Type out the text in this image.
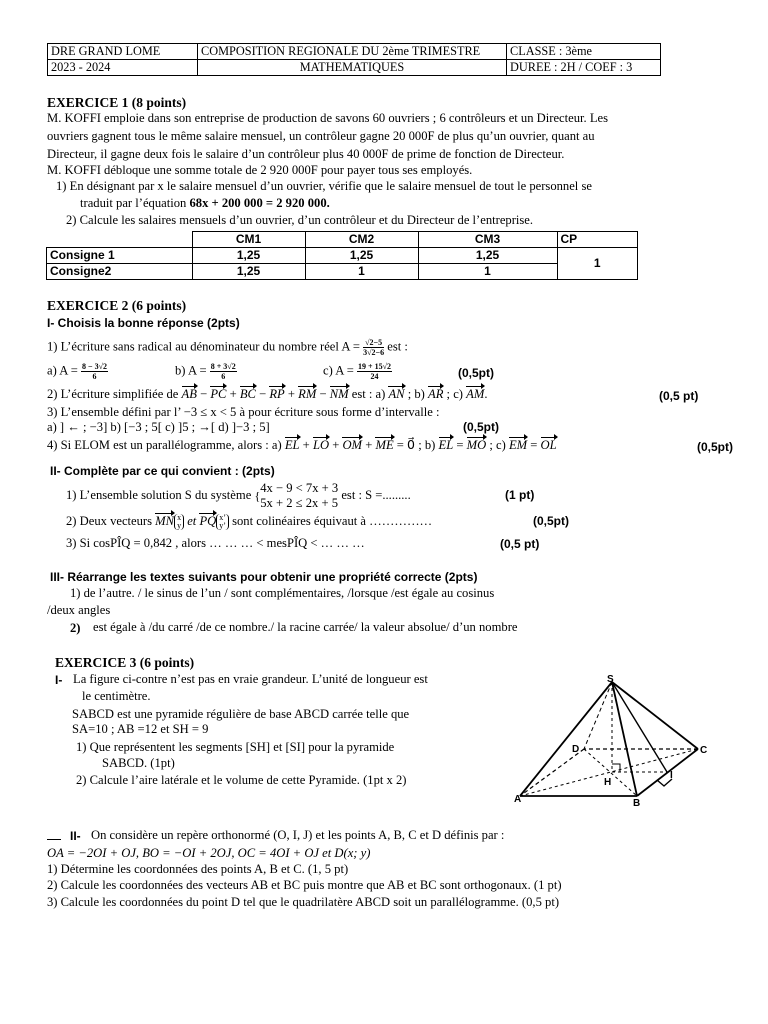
DRE GRAND LOME	COMPOSITION REGIONALE DU 2ème TRIMESTRE	CLASSE : 3ème
2023 - 2024	MATHEMATIQUES	DUREE : 2H / COEF : 3
EXERCICE 1 (8 points)
M. KOFFI emploie dans son entreprise de production de savons 60 ouvriers ; 6 contrôleurs et un Directeur. Les
ouvriers gagnent tous le même salaire mensuel, un contrôleur gagne 20 000F de plus qu’un ouvrier, quant au
Directeur, il gagne deux fois le salaire d’un contrôleur plus 40 000F de prime de fonction de Directeur.
M. KOFFI débloque une somme totale de 2 920 000F pour payer tous ses employés.
1) En désignant par x le salaire mensuel d’un ouvrier, vérifie que le salaire mensuel de tout le personnel se
traduit par l’équation 68x + 200 000 = 2 920 000.
2) Calcule les salaires mensuels d’un ouvrier, d’un contrôleur et du Directeur de l’entreprise.
	CM1	CM2	CM3	CP
Consigne 1	1,25	1,25	1,25	1
Consigne2	1,25	1	1	
EXERCICE 2 (6 points)
I- Choisis la bonne réponse (2pts)
1) L’écriture sans radical au dénominateur du nombre réel $A = \frac{√2-5}{3√2-6}$ est :
a) $A = \frac{8 - 3√2}{6}$	b) $A = \frac{8 + 3√2}{6}$	c) $A = \frac{19 + 15√2}{24}$	(0,5pt)
2) L’écriture simplifiée de AB − PC + BC − RP + RM − NM est : a) AN ; b) AR ; c) AM.	(0,5 pt)
3) L’ensemble défini par l’ −3 ≤ x < 5 à pour écriture sous forme d’intervalle :
a) ] ← ; −3] b) [−3 ; 5[ c) ]5 ; →[ d) ]−3 ; 5]	(0,5pt)
4) Si ELOM est un parallélogramme, alors : a) EL + LO + OM + ME = 0⃗ ; b) EL = MO ; c) EM = OL	(0,5pt)
II- Complète par ce qui convient : (2pts)
1) L’ensemble solution S du système {
4x − 9 < 7x + 3
5x + 2 ≤ 2x + 5
est : S =.........	(1 pt)
2) Deux vecteurs MN x
y et PQ x’
y’ sont colinéaires équivaut à ……………	(0,5pt)
3) Si cosPÎQ = 0,842 , alors … … … < mesPÎQ < … … …	(0,5 pt)
III- Réarrange les textes suivants pour obtenir une propriété correcte (2pts)
1) de l’autre. / le sinus de l’un / sont complémentaires, /lorsque /est égale au cosinus
/deux angles
2) est égale à /du carré /de ce nombre./ la racine carrée/ la valeur absolue/ d’un nombre
EXERCICE 3 (6 points)
I- La figure ci-contre n’est pas en vraie grandeur. L’unité de longueur est
le centimètre.
SABCD est une pyramide régulière de base ABCD carrée telle que
SA=10 ; AB =12 et SH = 9
1) Que représentent les segments [SH] et [SI] pour la pyramide
SABCD. (1pt)
2) Calcule l’aire latérale et le volume de cette Pyramide. (1pt x 2)
S
D	C
I
H
A	B
II- On considère un repère orthonormé (O, I, J) et les points A, B, C et D définis par :
OA = −2OI + OJ, BO = −OI + 2OJ, OC = 4OI + OJ et D(x; y)
1) Détermine les coordonnées des points A, B et C. (1, 5 pt)
2) Calcule les coordonnées des vecteurs AB et BC puis montre que AB et BC sont orthogonaux. (1 pt)
3) Calcule les coordonnées du point D tel que le quadrilatère ABCD soit un parallélogramme. (0,5 pt)
